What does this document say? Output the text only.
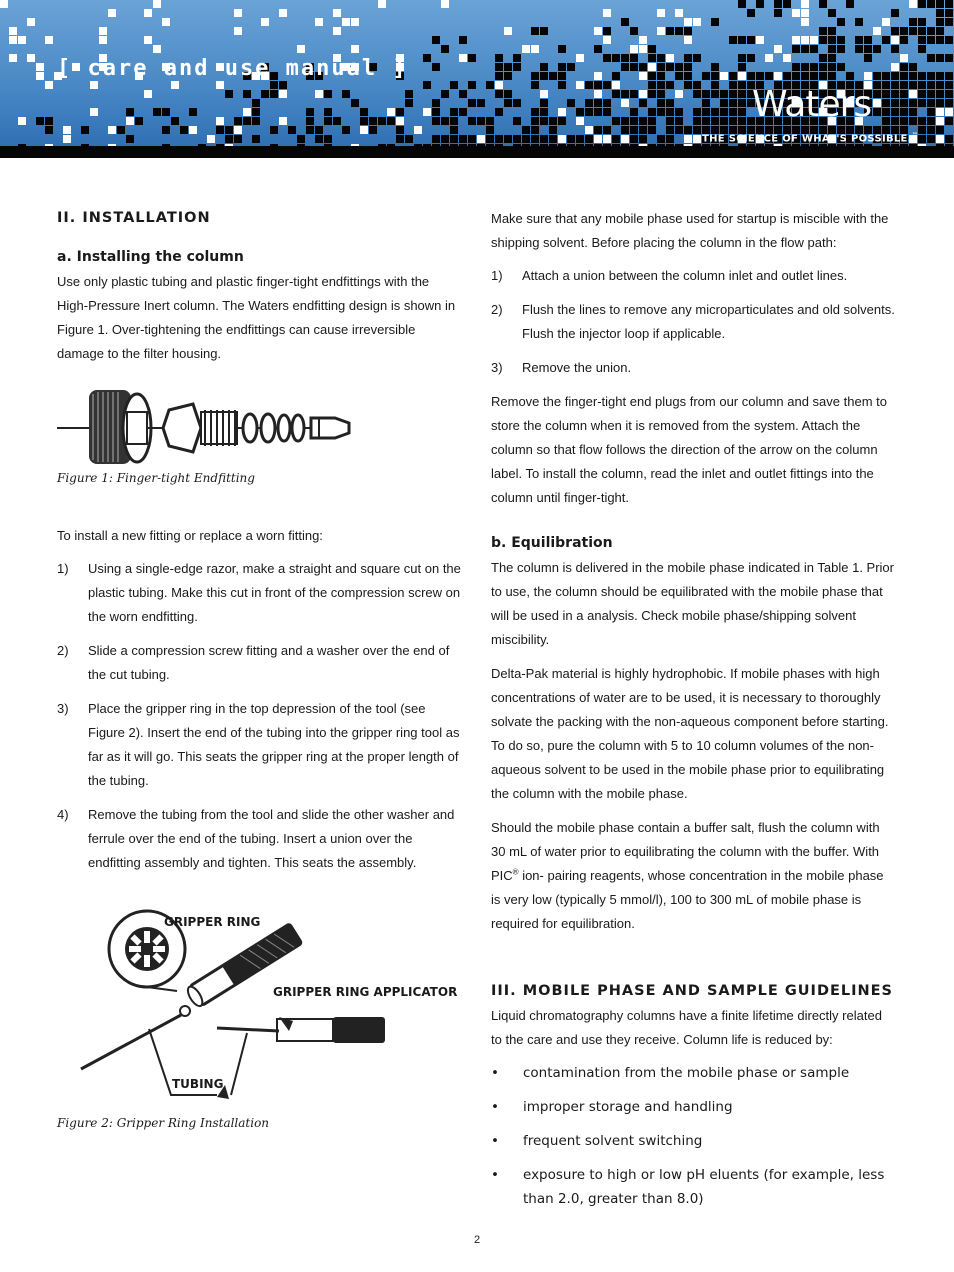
[ care and use manual ]
Waters
THE SCIENCE OF WHAT'S POSSIBLE.™
II. INSTALLATION
a. Installing the column

Use only plastic tubing and plastic finger-tight endfittings with the High-Pressure Inert column. The Waters endfitting design is shown in Figure 1. Over-tightening the endfittings can cause irreversible damage to the filter housing.

Figure 1: Finger-tight Endfitting

To install a new fitting or replace a worn fitting:

1) Using a single-edge razor, make a straight and square cut on the plastic tubing. Make this cut in front of the compression screw on the worn endfitting.
2) Slide a compression screw fitting and a washer over the end of the cut tubing.
3) Place the gripper ring in the top depression of the tool (see Figure 2). Insert the end of the tubing into the gripper ring tool as far as it will go. This seats the gripper ring at the proper length of the tubing.
4) Remove the tubing from the tool and slide the other washer and ferrule over the end of the tubing. Insert a union over the endfitting assembly and tighten. This seats the assembly.
GRIPPER RING
GRIPPER RING APPLICATOR
TUBING

Figure 2: Gripper Ring Installation

Make sure that any mobile phase used for startup is miscible with the shipping solvent. Before placing the column in the flow path:

1) Attach a union between the column inlet and outlet lines.
2) Flush the lines to remove any microparticulates and old solvents. Flush the injector loop if applicable.
3) Remove the union.

Remove the finger-tight end plugs from our column and save them to store the column when it is removed from the system. Attach the column so that flow follows the direction of the arrow on the column label. To install the column, read the inlet and outlet fittings into the column until finger-tight.

b. Equilibration

The column is delivered in the mobile phase indicated in Table 1. Prior to use, the column should be equilibrated with the mobile phase that will be used in a analysis. Check mobile phase/shipping solvent miscibility.

Delta-Pak material is highly hydrophobic. If mobile phases with high concentrations of water are to be used, it is necessary to thoroughly solvate the packing with the non-aqueous component before starting. To do so, pure the column with 5 to 10 column volumes of the non-aqueous solvent to be used in the mobile phase prior to equilibrating the column with the mobile phase.

Should the mobile phase contain a buffer salt, flush the column with 30 mL of water prior to equilibrating the column with the buffer. With PIC® ion- pairing reagents, whose concentration in the mobile phase is very low (typically 5 mmol/l), 100 to 300 mL of mobile phase is required for equilibration.

III. MOBILE PHASE AND SAMPLE GUIDELINES

Liquid chromatography columns have a finite lifetime directly related to the care and use they receive. Column life is reduced by:

• contamination from the mobile phase or sample
• improper storage and handling
• frequent solvent switching
• exposure to high or low pH eluents (for example, less than 2.0, greater than 8.0)
2
